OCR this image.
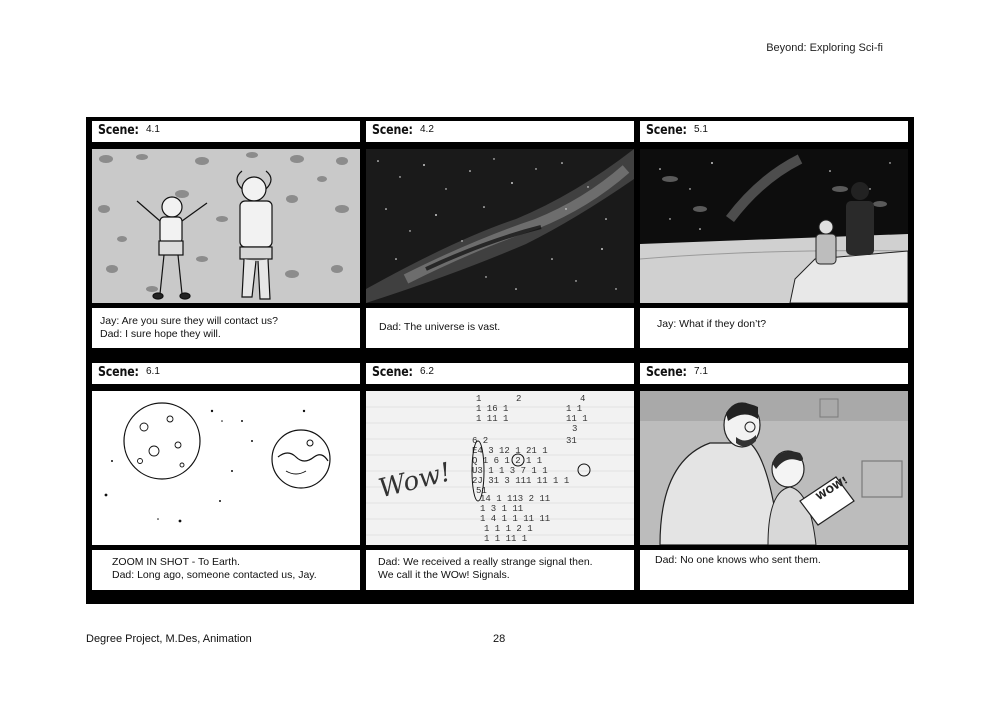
Beyond: Exploring Sci-fi
Scene: 4.1
Jay: Are you sure they will contact us?
Dad: I sure hope they will.
Scene: 4.2
Dad: The universe is vast.
Scene: 5.1
Jay: What if they don’t?
Scene: 6.1
ZOOM IN SHOT - To Earth.
Dad: Long ago, someone contacted us, Jay.
Scene: 6.2
1	2	4
1 16 1	1 1
1 11 1	11 1
3
6 2	31
E4 3 12 1 21 1
Q 1 6 1 2 1 1
U3 1 1 3 7 1 1
2J 31 3 111 11 1 1
51
14 1 113 2 11
1 3 1 11
1 4 1 1 11 11
1 1 1 2 1
1 1 11 1
Wow!
Dad: We received a really strange signal then.
We call it the WOw! Signals.
Scene: 7.1
WOW!
Dad: No one knows who sent them.
Degree Project, M.Des, Animation	28
